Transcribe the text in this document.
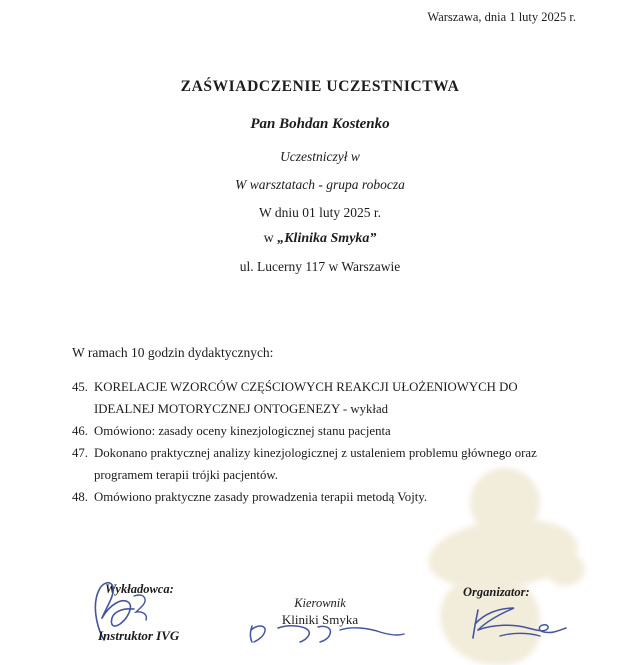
Warszawa, dnia 1 luty 2025 r.
ZAŚWIADCZENIE UCZESTNICTWA
Pan Bohdan Kostenko
Uczestniczył w
W warsztatach - grupa robocza
W dniu 01 luty 2025 r.
w „Klinika Smyka”
ul. Lucerny 117 w Warszawie
W ramach 10 godzin dydaktycznych:
45. KORELACJE WZORCÓW CZĘŚCIOWYCH REAKCJI UŁOŻENIOWYCH DO IDEALNEJ MOTORYCZNEJ ONTOGENEZY - wykład
46. Omówiono: zasady oceny kinezjologicznej stanu pacjenta
47. Dokonano praktycznej analizy kinezjologicznej z ustaleniem problemu głównego oraz programem terapii trójki pacjentów.
48. Omówiono praktyczne zasady prowadzenia terapii metodą Vojty.
Wykładowca:
Instruktor IVG
Kierownik
Kliniki Smyka
Organizator:
